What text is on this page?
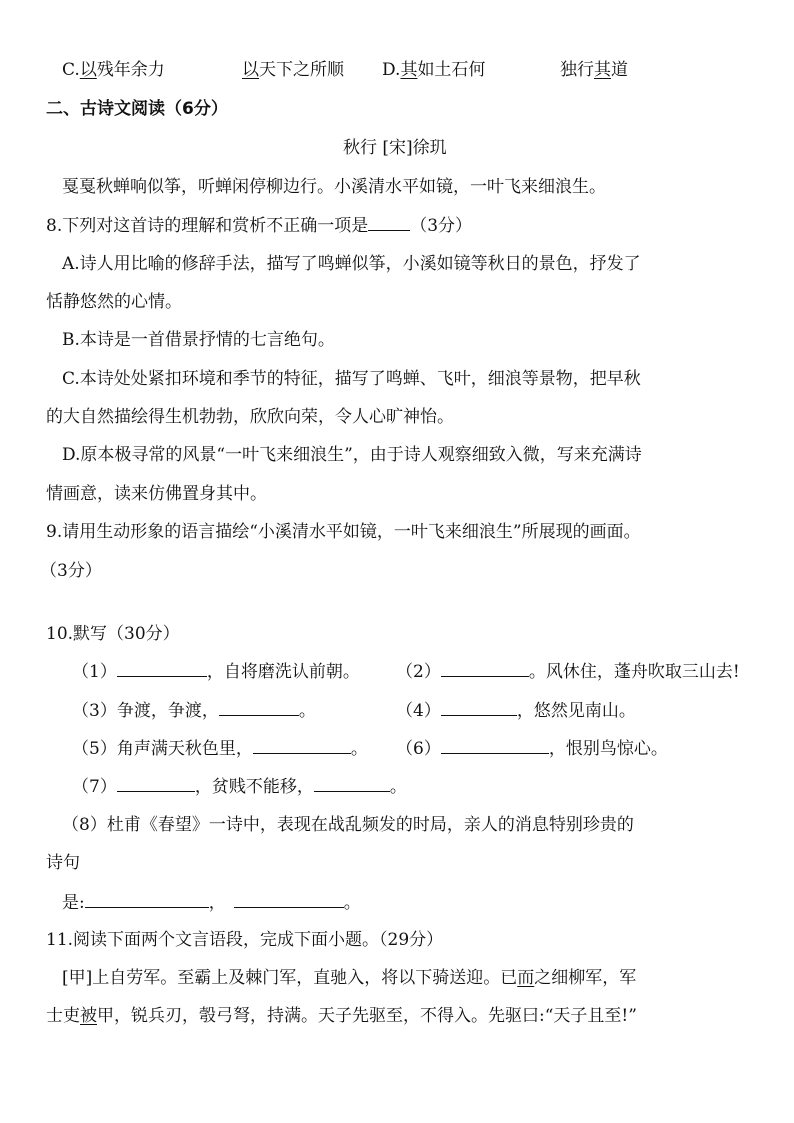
C.以残年余力	以天下之所顺 D.其如土石何	独行其道
二、古诗文阅读（6分）
秋行 [宋]徐玑
戛戛秋蝉响似筝，听蝉闲停柳边行。小溪清水平如镜，一叶飞来细浪生。
8.下列对这首诗的理解和赏析不正确一项是 （3分）
A.诗人用比喻的修辞手法，描写了鸣蝉似筝，小溪如镜等秋日的景色，抒发了
恬静悠然的心情。
B.本诗是一首借景抒情的七言绝句。
C.本诗处处紧扣环境和季节的特征，描写了鸣蝉、飞叶，细浪等景物，把早秋
的大自然描绘得生机勃勃，欣欣向荣，令人心旷神怡。
D.原本极寻常的风景“一叶飞来细浪生”，由于诗人观察细致入微，写来充满诗
情画意，读来仿佛置身其中。
9.请用生动形象的语言描绘“小溪清水平如镜，一叶飞来细浪生”所展现的画面。
（3分）
10.默写（30分）
（1）	，自将磨洗认前朝。 （2）	。风休住，蓬舟吹取三山去!
（3）争渡，争渡，	。	（4）	，悠然见南山。
（5）角声满天秋色里，	。 （6）	，恨别鸟惊心。
（7）	，贫贱不能移，	。
（8）杜甫《春望》一诗中，表现在战乱频发的时局，亲人的消息特别珍贵的
诗句
是:	，	。
11.阅读下面两个文言语段，完成下面小题。（29分）
[甲]上自劳军。至霸上及棘门军，直驰入，将以下骑送迎。已而之细柳军，军
士吏被甲，锐兵刃，彀弓弩，持满。天子先驱至，不得入。先驱曰:“天子且至!”
